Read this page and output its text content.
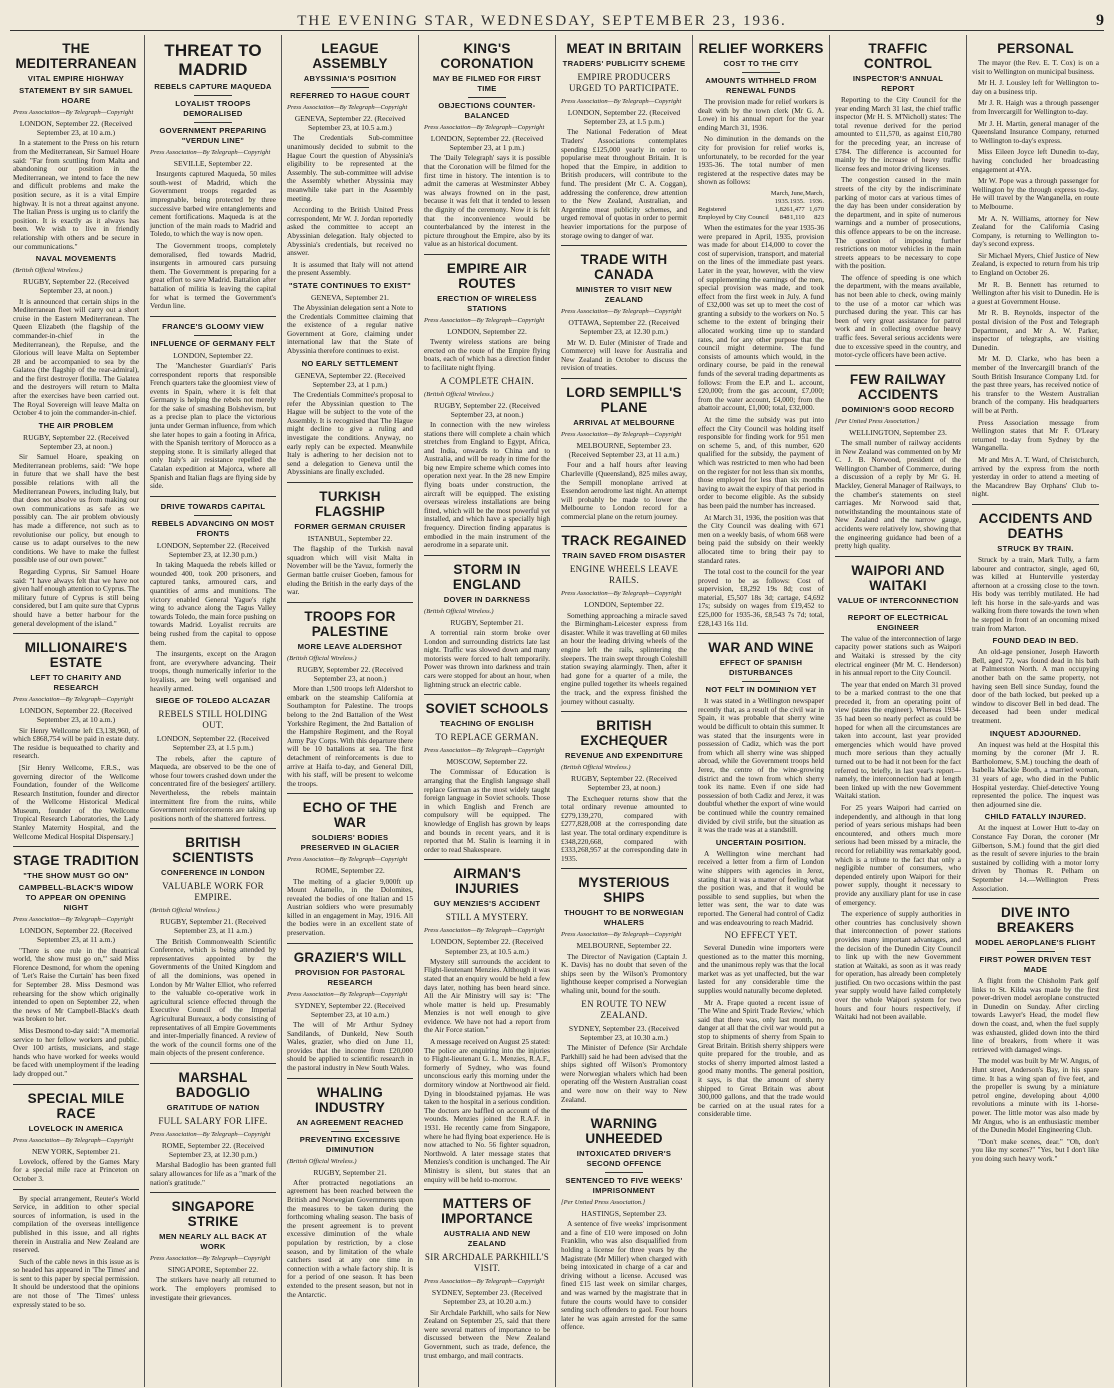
THE EVENING STAR, WEDNESDAY, SEPTEMBER 23, 1936.	9
THE MEDITERRANEAN
VITAL EMPIRE HIGHWAY
STATEMENT BY SIR SAMUEL HOARE
Press Association—By Telegraph—Copyright
LONDON, September 22. (Received September 23, at 10 a.m.)
In a statement to the Press on his return from the Mediterranean, Sir Samuel Hoare said: "Far from scuttling from Malta and abandoning our position in the Mediterranean, we intend to face the new and difficult problems and make the position secure, as it is a vital Empire highway. It is not a threat against anyone. The Italian Press is urging us to clarify the position. It is exactly as it always has been. We wish to live in friendly relationship with others and be secure in our communications."
NAVAL MOVEMENTS
(British Official Wireless.)
RUGBY, September 22. (Received September 23, at noon.)
It is announced that certain ships in the Mediterranean fleet will carry out a short cruise in the Eastern Mediterranean. The Queen Elizabeth (the flagship of the commander-in-chief in the Mediterranean), the Repulse, and the Glorious will leave Malta on September 28 and be accompanied to sea by the Galatea (the flagship of the rear-admiral), and the first destroyer flotilla. The Galatea and the destroyers will return to Malta after the exercises have been carried out. The Royal Sovereign will leave Malta on October 4 to join the commander-in-chief.
THE AIR PROBLEM
RUGBY, September 22. (Received September 23, at noon.)
Sir Samuel Hoare, speaking on Mediterranean problems, said: "We hope in future that we shall have the best possible relations with all the Mediterranean Powers, including Italy, but that does not absolve us from making our own communications as safe as we possibly can. The air problem obviously has made a difference, not such as to revolutionise our policy, but enough to cause us to adapt ourselves to the new conditions. We have to make the fullest possible use of our own power."
Regarding Cyprus, Sir Samuel Hoare said: "I have always felt that we have not given half enough attention to Cyprus. The military future of Cyprus is still being considered, but I am quite sure that Cyprus should have a better harbour for the general development of the island."
MILLIONAIRE'S ESTATE
LEFT TO CHARITY AND RESEARCH
Press Association—By Telegraph—Copyright
LONDON, September 22. (Received September 23, at 10 a.m.)
Sir Henry Wellcome left £3,138,960, of which £868,754 will be paid in estate duty. The residue is bequeathed to charity and research.
[Sir Henry Wellcome, F.R.S., was governing director of the Wellcome Foundation, founder of the Wellcome Research Institution, founder and director of the Wellcome Historical Medical Museum, founder of the Wellcome Tropical Research Laboratories, the Lady Stanley Maternity Hospital, and the Wellcome Medical Hospital Dispensary.]
STAGE TRADITION
"THE SHOW MUST GO ON"
CAMPBELL-BLACK'S WIDOW TO APPEAR ON OPENING NIGHT
Press Association—By Telegraph—Copyright
LONDON, September 22. (Received September 23, at 11 a.m.)
"There is one rule in the theatrical world, 'the show must go on,'" said Miss Florence Desmond, for whom the opening of 'Let's Raise the Curtain' has been fixed for September 28. Miss Desmond was rehearsing for the show which originally intended to open on September 22, when the news of Mr Campbell-Black's death was broken to her.
Miss Desmond to-day said: "A memorial service to her fellow workers and public. Over 100 artists, musicians, and stage hands who have worked for weeks would be faced with unemployment if the leading lady dropped out."
SPECIAL MILE RACE
LOVELOCK IN AMERICA
Press Association—By Telegraph—Copyright
NEW YORK, September 21.
Lovelock, offered by the Games Mary for a special mile race at Princeton on October 3.
By special arrangement, Reuter's World Service, in addition to other special sources of information, is used in the compilation of the overseas intelligence published in this issue, and all rights therein in Australia and New Zealand are reserved.
Such of the cable news in this issue as is so headed has appeared in 'The Times' and is sent to this paper by special permission. It should be understood that the opinions are not those of 'The Times' unless expressly stated to be so.
THREAT TO MADRID
REBELS CAPTURE MAQUEDA
LOYALIST TROOPS DEMORALISED
GOVERNMENT PREPARING "VERDUN LINE"
Press Association—By Telegraph—Copyright
SEVILLE, September 22.
Insurgents captured Maqueda, 50 miles south-west of Madrid, which the Government troops regarded as impregnable, being protected by three successive barbed wire entanglements and cement fortifications. Maqueda is at the junction of the main roads to Madrid and Toledo, to which the way is now open.
The Government troops, completely demoralised, fled towards Madrid, insurgents in armoured cars pursuing them. The Government is preparing for a great effort to save Madrid. Battalion after battalion of militia is leaving the capital for what is termed the Government's Verdun line.
FRANCE'S GLOOMY VIEW
INFLUENCE OF GERMANY FELT
LONDON, September 22.
The 'Manchester Guardian's' Paris correspondent reports that responsible French quarters take the gloomiest view of events in Spain, where it is felt that Germany is helping the rebels not merely for the sake of smashing Bolshevism, but as a precise plan to place the victorious junta under German influence, from which she later hopes to gain a footing in Africa, with the Spanish territory of Morocco as a stepping stone. It is similarly alleged that only Italy's air resistance repelled the Catalan expedition at Majorca, where all Spanish and Italian flags are flying side by side.
DRIVE TOWARDS CAPITAL
REBELS ADVANCING ON MOST FRONTS
LONDON, September 22. (Received September 23, at 12.30 p.m.)
In taking Maqueda the rebels killed or wounded 400, took 200 prisoners, and captured tanks, armoured cars, and quantities of arms and munitions. The victory enabled General Yague's right wing to advance along the Tagus Valley towards Toledo, the main force pushing on towards Madrid. Loyalist recruits are being rushed from the capital to oppose them.
The insurgents, except on the Aragon front, are everywhere advancing. Their troops, though numerically inferior to the loyalists, are being well organised and heavily armed.
SIEGE OF TOLEDO ALCAZAR
REBELS STILL HOLDING OUT.
LONDON, September 22. (Received September 23, at 1.5 p.m.)
The rebels, after the capture of Maqueda, are observed to be the one of whose four towers crashed down under the concentrated fire of the besiegers' artillery. Nevertheless, the rebels maintain intermittent fire from the ruins, while Government reinforcements are taking up positions north of the shattered fortress.
BRITISH SCIENTISTS
CONFERENCE IN LONDON
VALUABLE WORK FOR EMPIRE.
(British Official Wireless.)
RUGBY, September 21. (Received September 23, at 11 a.m.)
The British Commonwealth Scientific Conference, which is being attended by representatives appointed by the Governments of the United Kingdom and of all the dominions, was opened in London by Mr Walter Elliot, who referred to the valuable co-operative work in agricultural science effected through the Executive Council of the Imperial Agricultural Bureaux, a body consisting of representatives of all Empire Governments and inter-Imperially financed. A review of the work of the council forms one of the main objects of the present conference.
MARSHAL BADOGLIO
GRATITUDE OF NATION
FULL SALARY FOR LIFE.
Press Association—By Telegraph—Copyright
ROME, September 22. (Received September 23, at 12.30 p.m.)
Marshal Badoglio has been granted full salary allowances for life as a "mark of the nation's gratitude."
SINGAPORE STRIKE
MEN NEARLY ALL BACK AT WORK
Press Association—By Telegraph—Copyright
SINGAPORE, September 22.
The strikers have nearly all returned to work. The employers promised to investigate their grievances.
LEAGUE ASSEMBLY
ABYSSINIA'S POSITION
REFERRED TO HAGUE COURT
Press Association—By Telegraph—Copyright
GENEVA, September 22. (Received September 23, at 10.5 a.m.)
The Credentials Sub-committee unanimously decided to submit to the Hague Court the question of Abyssinia's eligibility to be represented at the Assembly. The sub-committee will advise the Assembly whether Abyssinia may meanwhile take part in the Assembly meeting.
According to the British United Press correspondent, Mr W. J. Jordan reportedly asked the committee to accept an Abyssinian delegation. Italy objected to Abyssinia's credentials, but received no answer.
It is assumed that Italy will not attend the present Assembly.
"STATE CONTINUES TO EXIST"
GENEVA, September 21.
The Abyssinian delegation sent a Note to the Credentials Committee claiming that the existence of a regular native Government at Gore, claiming under international law that the State of Abyssinia therefore continues to exist.
NO EARLY SETTLEMENT
GENEVA, September 22. (Received September 23, at 1 p.m.)
The Credentials Committee's proposal to refer the Abyssinian question to The Hague will be subject to the vote of the Assembly. It is recognised that The Hague might decline to give a ruling and investigate the conditions. Anyway, no early reply can be expected. Meanwhile Italy is adhering to her decision not to send a delegation to Geneva until the Abyssinians are finally excluded.
TURKISH FLAGSHIP
FORMER GERMAN CRUISER
ISTANBUL, September 22.
The flagship of the Turkish naval squadron which will visit Malta in November will be the Yavuz, formerly the German battle cruiser Goeben, famous for eluding the British in the early days of the war.
TROOPS FOR PALESTINE
MORE LEAVE ALDERSHOT
(British Official Wireless.)
RUGBY, September 22. (Received September 23, at noon.)
More than 1,500 troops left Aldershot to embark on the steamship California at Southampton for Palestine. The troops belong to the 2nd Battalion of the West Yorkshire Regiment, the 2nd Battalion of the Hampshire Regiment, and the Royal Army Pay Corps. With this departure there will be 10 battalions at sea. The first detachment of reinforcements is due to arrive at Haifa to-day, and General Dill, with his staff, will be present to welcome the troops.
ECHO OF THE WAR
SOLDIERS' BODIES PRESERVED IN GLACIER
Press Association—By Telegraph—Copyright
ROME, September 22.
The melting of a glacier 9,000ft up Mount Adamello, in the Dolomites, revealed the bodies of one Italian and 15 Austrian soldiers who were presumably killed in an engagement in May, 1916. All the bodies were in an excellent state of preservation.
GRAZIER'S WILL
PROVISION FOR PASTORAL RESEARCH
Press Association—By Telegraph—Copyright
SYDNEY, September 22. (Received September 23, at 10 a.m.)
The will of Mr Arthur Sydney Sandilands, of Dunkeld, New South Wales, grazier, who died on June 11, provides that the income from £20,000 should be applied to scientific research in the pastoral industry in New South Wales.
WHALING INDUSTRY
AN AGREEMENT REACHED
PREVENTING EXCESSIVE DIMINUTION
(British Official Wireless.)
RUGBY, September 21.
After protracted negotiations an agreement has been reached between the British and Norwegian Governments upon the measures to be taken during the forthcoming whaling season. The basis of the present agreement is to prevent excessive diminution of the whale population by restriction, by a close season, and by limitation of the whale catchers used at any one time in connection with a whale factory ship. It is for a period of one season. It has been extended to the present season, but not in the Antarctic.
KING'S CORONATION
MAY BE FILMED FOR FIRST TIME
OBJECTIONS COUNTER-BALANCED
Press Association—By Telegraph—Copyright
LONDON, September 22. (Received September 23, at 1 p.m.)
The 'Daily Telegraph' says it is possible that the Coronation will be filmed for the first time in history. The intention is to admit the cameras at Westminster Abbey was always frowned on in the past, because it was felt that it tended to lessen the dignity of the ceremony. Now it is felt that the inconvenience would be counterbalanced by the interest in the picture throughout the Empire, also by its value as an historical document.
EMPIRE AIR ROUTES
ERECTION OF WIRELESS STATIONS
Press Association—By Telegraph—Copyright
LONDON, September 22.
Twenty wireless stations are being erected on the route of the Empire flying boats, each of which has a direction finder to facilitate night flying.
A COMPLETE CHAIN.
(British Official Wireless.)
RUGBY, September 22. (Received September 23, at noon.)
In connection with the new wireless stations there will complete a chain which stretches from England to Egypt, Africa, and India, onwards to China and to Australia, and will be ready in time for the big new Empire scheme which comes into operation next year. In the 28 new Empire flying boats under construction, the aircraft will be equipped. The existing overseas wireless installations are being fitted, which will be the most powerful yet installed, and which have a specially high frequency. Direction finding apparatus is embodied in the main instrument of the aerodrome in a separate unit.
STORM IN ENGLAND
DOVER IN DARKNESS
(British Official Wireless.)
RUGBY, September 21.
A torrential rain storm broke over London and surrounding districts late last night. Traffic was slowed down and many motorists were forced to halt temporarily. Power was thrown into darkness and train cars were stopped for about an hour, when lightning struck an electric cable.
SOVIET SCHOOLS
TEACHING OF ENGLISH
TO REPLACE GERMAN.
Press Association—By Telegraph—Copyright
MOSCOW, September 22.
The Commissar of Education is arranging that the English language shall replace German as the most widely taught foreign language in Soviet schools. Those in which English and French are compulsory will be equipped. The knowledge of English has grown by leaps and bounds in recent years, and it is reported that M. Stalin is learning it in order to read Shakespeare.
AIRMAN'S INJURIES
GUY MENZIES'S ACCIDENT
STILL A MYSTERY.
Press Association—By Telegraph—Copyright
LONDON, September 22. (Received September 23, at 10.5 a.m.)
Mystery still surrounds the accident to Flight-lieutenant Menzies. Although it was stated that an enquiry would be held a few days later, nothing has been heard since. All the Air Ministry will say is: "The whole matter is held up. Presumably Menzies is not well enough to give evidence. We have not had a report from the Air Force station."
A message received on August 25 stated: The police are enquiring into the injuries to Flight-lieutenant G. L. Menzies, R.A.F., formerly of Sydney, who was found unconscious early this morning under the dormitory window at Northwood air field. Dying in bloodstained pyjamas. He was taken to the hospital in a serious condition. The doctors are baffled on account of the wounds. Menzies joined the R.A.F. in 1931. He recently came from Singapore, where he had flying boat experience. He is now attached to No. 56 fighter squadron, Northwold. A later message states that Menzies's condition is unchanged. The Air Ministry is silent, but states that an enquiry will be held to-morrow.
MATTERS OF IMPORTANCE
AUSTRALIA AND NEW ZEALAND
SIR ARCHDALE PARKHILL'S VISIT.
Press Association—By Telegraph—Copyright
SYDNEY, September 23. (Received September 23, at 10.20 a.m.)
Sir Archdale Parkhill, who sails for New Zealand on September 25, said that there were several matters of importance to be discussed between the New Zealand Government, such as trade, defence, the trust embargo, and mail contracts.
MEAT IN BRITAIN
TRADERS' PUBLICITY SCHEME
EMPIRE PRODUCERS URGED TO PARTICIPATE.
Press Association—By Telegraph—Copyright
LONDON, September 22. (Received September 23, at 1.5 p.m.)
The National Federation of Meat Traders' Associations contemplates spending £125,000 yearly in order to popularise meat throughout Britain. It is hoped that the Empire, in addition to British producers, will contribute to the fund. The president (Mr C. A. Coggan), addressing the conference, drew attention to the New Zealand, Australian, and Argentine meat publicity schemes, and urged removal of quotas in order to permit heavier importations for the purpose of storage owing to danger of war.
TRADE WITH CANADA
MINISTER TO VISIT NEW ZEALAND
Press Association—By Telegraph—Copyright
OTTAWA, September 22. (Received September 23, at 12.30 p.m.)
Mr W. D. Euler (Minister of Trade and Commerce) will leave for Australia and New Zealand in October to discuss the revision of treaties.
LORD SEMPILL'S PLANE
ARRIVAL AT MELBOURNE
Press Association—By Telegraph—Copyright
MELBOURNE, September 23. (Received September 23, at 11 a.m.)
Four and a half hours after leaving Charleville (Queensland), 825 miles away, the Sempill monoplane arrived at Essendon aerodrome last night. An attempt will probably be made to lower the Melbourne to London record for a commercial plane on the return journey.
TRACK REGAINED
TRAIN SAVED FROM DISASTER
ENGINE WHEELS LEAVE RAILS.
Press Association—By Telegraph—Copyright
LONDON, September 22.
Something approaching a miracle saved the Birmingham-Leicester express from disaster. While it was travelling at 60 miles an hour the leading driving wheels of the engine left the rails, splintering the sleepers. The train swept through Coleshill station swaying alarmingly. Then, after it had gone for a quarter of a mile, the engine pulled together its wheels regained the track, and the express finished the journey without casualty.
BRITISH EXCHEQUER
REVENUE AND EXPENDITURE
(British Official Wireless.)
RUGBY, September 22. (Received September 23, at noon.)
The Exchequer returns show that the total ordinary revenue amounted to £279,139,270, compared with £277,828,008 at the corresponding date last year. The total ordinary expenditure is £348,220,668, compared with £333,268,957 at the corresponding date in 1935.
MYSTERIOUS SHIPS
THOUGHT TO BE NORWEGIAN WHALERS
Press Association—By Telegraph—Copyright
MELBOURNE, September 22.
The Director of Navigation (Captain J. K. Davis) has no doubt that seven of the ships seen by the Wilson's Promontory lighthouse keeper comprised a Norwegian whaling unit, bound for the south.
EN ROUTE TO NEW ZEALAND.
SYDNEY, September 23. (Received September 23, at 10.30 a.m.)
The Minister of Defence (Sir Archdale Parkhill) said he had been advised that the ships sighted off Wilson's Promontory were Norwegian whalers which had been operating off the Western Australian coast and were now on their way to New Zealand.
WARNING UNHEEDED
INTOXICATED DRIVER'S SECOND OFFENCE
SENTENCED TO FIVE WEEKS' IMPRISONMENT
[Per United Press Association.]
HASTINGS, September 23.
A sentence of five weeks' imprisonment and a fine of £10 were imposed on John Franklin, who was also disqualified from holding a license for three years by the Magistrate (Mr Miller) when charged with being intoxicated in charge of a car and driving without a license. Accused was fined £15 last week on similar charges, and was warned by the magistrate that in future the courts would have to consider sending such offenders to gaol. Four hours later he was again arrested for the same offence.
RELIEF WORKERS
COST TO THE CITY
AMOUNTS WITHHELD FROM RENEWAL FUNDS
The provision made for relief workers is dealt with by the town clerk (Mr G. A. Lowe) in his annual report for the year ending March 31, 1936.
No diminution in the demands on the city for provision for relief works is, unfortunately, to be recorded for the year 1935-36. The total number of men registered at the respective dates may be shown as follows:
	March,	June,	March,
	1935.	1935.	1936.
Registered	1,826	1,477	1,670
Employed by City Council	848	1,110	823
When the estimates for the year 1935-36 were prepared in April, 1935, provision was made for about £14,000 to cover the cost of supervision, transport, and material on the lines of the immediate past years. Later in the year, however, with the view of supplementing the earnings of the men, special provision was made, and took effect from the first week in July. A fund of £32,000 was set up to meet the cost of granting a subsidy to the workers on No. 5 scheme to the extent of bringing their allocated working time up to standard rates, and for any other purpose that the council might determine. The fund consists of amounts which would, in the ordinary course, be paid in the renewal funds of the several trading departments as follows: From the E.P. and L. account, £20,000; from the gas account, £7,000; from the water account, £4,000; from the abattoir account, £1,000; total, £32,000.
At the time the subsidy was put into effect the City Council was holding itself responsible for finding work for 951 men on scheme 5, and, of this number, 620 qualified for the subsidy, the payment of which was restricted to men who had been on the register for not less than six months, those employed for less than six months having to await the expiry of that period in order to become eligible. As the subsidy has been paid the number has increased.
At March 31, 1936, the position was that the City Council was dealing with 671 men on a weekly basis, of whom 668 were being paid the subsidy on their weekly allocated time to bring their pay to standard rates.
The total cost to the council for the year proved to be as follows: Cost of supervision, £8,292 19s 8d; cost of material, £5,507 18s 3d; cartage, £4,692 17s; subsidy on wages from £19,452 to £25,000 for 1935-36, £8,543 7s 7d; total, £28,143 16s 11d.
WAR AND WINE
EFFECT OF SPANISH DISTURBANCES
NOT FELT IN DOMINION YET
It was stated in a Wellington newspaper recently that, as a result of the civil war in Spain, it was probable that sherry wine would be difficult to obtain this summer. It was stated that the insurgents were in possession of Cadiz, which was the port from which all sherry wine was shipped abroad, while the Government troops held Jerez, the centre of the wine-growing district and the town from which sherry took its name. Even if one side had possession of both Cadiz and Jerez, it was doubtful whether the export of wine would be continued while the country remained divided by civil strife, but the situation as it was the trade was at a standstill.
UNCERTAIN POSITION.
A Wellington wine merchant had received a letter from a firm of London wine shippers with agencies in Jerez, stating that it was a matter of feeling what the position was, and that it would be possible to send supplies, but when the letter was sent, the war to date was reported. The General had control of Cadiz and was endeavouring to reach Madrid.
NO EFFECT YET.
Several Dunedin wine importers were questioned as to the matter this morning, and the unanimous reply was that the local market was as yet unaffected, but the war lasted for any considerable time the supplies would naturally become depleted.
Mr A. Frape quoted a recent issue of 'The Wine and Spirit Trade Review,' which said that there was, only last month, no danger at all that the civil war would put a stop to shipments of sherry from Spain to Great Britain. British sherry shippers were quite prepared for the trouble, and as stocks of sherry imported almost lasted a good many months. The general position, it says, is that the amount of sherry shipped to Great Britain was about 300,000 gallons, and that the trade would be carried on at the usual rates for a considerable time.
TRAFFIC CONTROL
INSPECTOR'S ANNUAL REPORT
Reporting to the City Council for the year ending March 31 last, the chief traffic inspector (Mr H. S. M'Nicholl) states: The total revenue derived for the period amounted to £11,570, as against £10,780 for the preceding year, an increase of £784. The difference is accounted for mainly by the increase of heavy traffic license fees and motor driving licenses.
The congestion caused in the main streets of the city by the indiscriminate parking of motor cars at various times of the day has been under consideration by the department, and in spite of numerous warnings and a number of prosecutions, this offence appears to be on the increase. The question of imposing further restrictions on motor vehicles in the main streets appears to be necessary to cope with the position.
The offence of speeding is one which the department, with the means available, has not been able to check, owing mainly to the use of a motor car which was purchased during the year. This car has been of very great assistance for patrol work and in collecting overdue heavy traffic fees. Several serious accidents were due to excessive speed in the country, and motor-cycle officers have been active.
FEW RAILWAY ACCIDENTS
DOMINION'S GOOD RECORD
[Per United Press Association.]
WELLINGTON, September 23.
The small number of railway accidents in New Zealand was commented on by Mr C. J. B. Norwood, president of the Wellington Chamber of Commerce, during a discussion of a reply by Mr G. H. Mackley, General Manager of Railways, to the chamber's statements on steel carriages. Mr Norwood said that, notwithstanding the mountainous state of New Zealand and the narrow gauge, accidents were relatively low, showing that the engineering guidance had been of a pretty high quality.
WAIPORI AND WAITAKI
VALUE OF INTERCONNECTION
REPORT OF ELECTRICAL ENGINEER
The value of the interconnection of large capacity power stations such as Waipori and Waitaki is stressed by the city electrical engineer (Mr M. C. Henderson) in his annual report to the City Council.
The year that ended on March 31 proved to be a marked contrast to the one that preceded it, from an operating point of view (states the engineer). Whereas 1934-35 had been so nearly perfect as could be hoped for when all the circumstances are taken into account, last year provided emergencies which would have proved much more serious than they actually turned out to be had it not been for the fact referred to, briefly, in last year's report—namely, the interconnection had at length been linked up with the new Government Waitaki station.
For 25 years Waipori had carried on independently, and although in that long period of years serious mishaps had been encountered, and others much more serious had been missed by a miracle, the record for reliability was remarkably good, which is a tribute to the fact that only a negligible number of consumers, who depended entirely upon Waipori for their power supply, thought it necessary to provide any auxiliary plant for use in case of emergency.
The experience of supply authorities in other countries has conclusively shown that interconnection of power stations provides many important advantages, and the decision of the Dunedin City Council to link up with the new Government station at Waitaki, as soon as it was ready for operation, has already been completely justified. On two occasions within the past year supply would have failed completely over the whole Waipori system for two hours and four hours respectively, if Waitaki had not been available.
PERSONAL
The mayor (the Rev. E. T. Cox) is on a visit to Wellington on municipal business.
Mr H. J. Lousley left for Wellington to-day on a business trip.
Mr J. R. Haigh was a through passenger from Invercargill for Wellington to-day.
Mr J. H. Martin, general manager of the Queensland Insurance Company, returned to Wellington to-day's express.
Miss Eileen Joyce left Dunedin to-day, having concluded her broadcasting engagement at 4YA.
Mr W. Pope was a through passenger for Wellington by the through express to-day. He will travel by the Wanganella, en route to Melbourne.
Mr A. N. Williams, attorney for New Zealand for the California Casing Company, is returning to Wellington to-day's second express.
Sir Michael Myers, Chief Justice of New Zealand, is expected to return from his trip to England on October 26.
Mr R. B. Bennett has returned to Wellington after his visit to Dunedin. He is a guest at Government House.
Mr R. B. Reynolds, inspector of the postal division of the Post and Telegraph Department, and Mr A. W. Parker, inspector of telegraphs, are visiting Dunedin.
Mr M. D. Clarke, who has been a member of the Invercargill branch of the South British Insurance Company Ltd. for the past three years, has received notice of his transfer to the Western Australian branch of the company. His headquarters will be at Perth.
Press Association message from Wellington states that Mr F. O'Leary returned to-day from Sydney by the Wanganella.
Mr and Mrs A. T. Ward, of Christchurch, arrived by the express from the north yesterday in order to attend a meeting of the Macandrew Bay Orphans' Club to-night.
ACCIDENTS AND DEATHS
STRUCK BY TRAIN.
Struck by a train, Mark Tully, a farm labourer and contractor, single, aged 60, was killed at Hunterville yesterday afternoon at a crossing close to the town. His body was terribly mutilated. He had left his horse in the sale-yards and was walking from there towards the town when he stepped in front of an oncoming mixed train from Marton.
FOUND DEAD IN BED.
An old-age pensioner, Joseph Haworth Bell, aged 72, was found dead in his bath at Palmerston North. A man occupying another bath on the same property, not having seen Bell since Sunday, found the door of the bath locked, but peeked up a window to discover Bell in bed dead. The deceased had been under medical treatment.
INQUEST ADJOURNED.
An inquest was held at the Hospital this morning by the coroner (Mr J. R. Bartholomew, S.M.) touching the death of Isabella Mackie Booth, a married woman, 31 years of age, who died in the Public Hospital yesterday. Chief-detective Young represented the police. The inquest was then adjourned sine die.
CHILD FATALLY INJURED.
At the inquest at Lower Hutt to-day on Constance Fay Doran, the coroner (Mr Gilbertson, S.M.) found that the girl died as the result of severe injuries to the brain sustained by colliding with a motor lorry driven by Thomas R. Pelham on September 14.—Wellington Press Association.
DIVE INTO BREAKERS
MODEL AEROPLANE'S FLIGHT
FIRST POWER DRIVEN TEST MADE
A flight from the Chisholm Park golf links to St. Kilda was made by the first power-driven model aeroplane constructed in Dunedin on Sunday. After circling towards Lawyer's Head, the model flew down the coast, and, when the fuel supply was exhausted, glided down into the third line of breakers, from where it was retrieved with damaged wings.
The model was built by Mr W. Angus, of Hunt street, Anderson's Bay, in his spare time. It has a wing span of five feet, and the propeller is swung by a miniature petrol engine, developing about 4,000 revolutions a minute with its 1-horse-power. The little motor was also made by Mr Angus, who is an enthusiastic member of the Dunedin Model Engineering Club.
"Don't make scenes, dear." "Oh, don't you like my scenes?" "Yes, but I don't like you doing such heavy work."
